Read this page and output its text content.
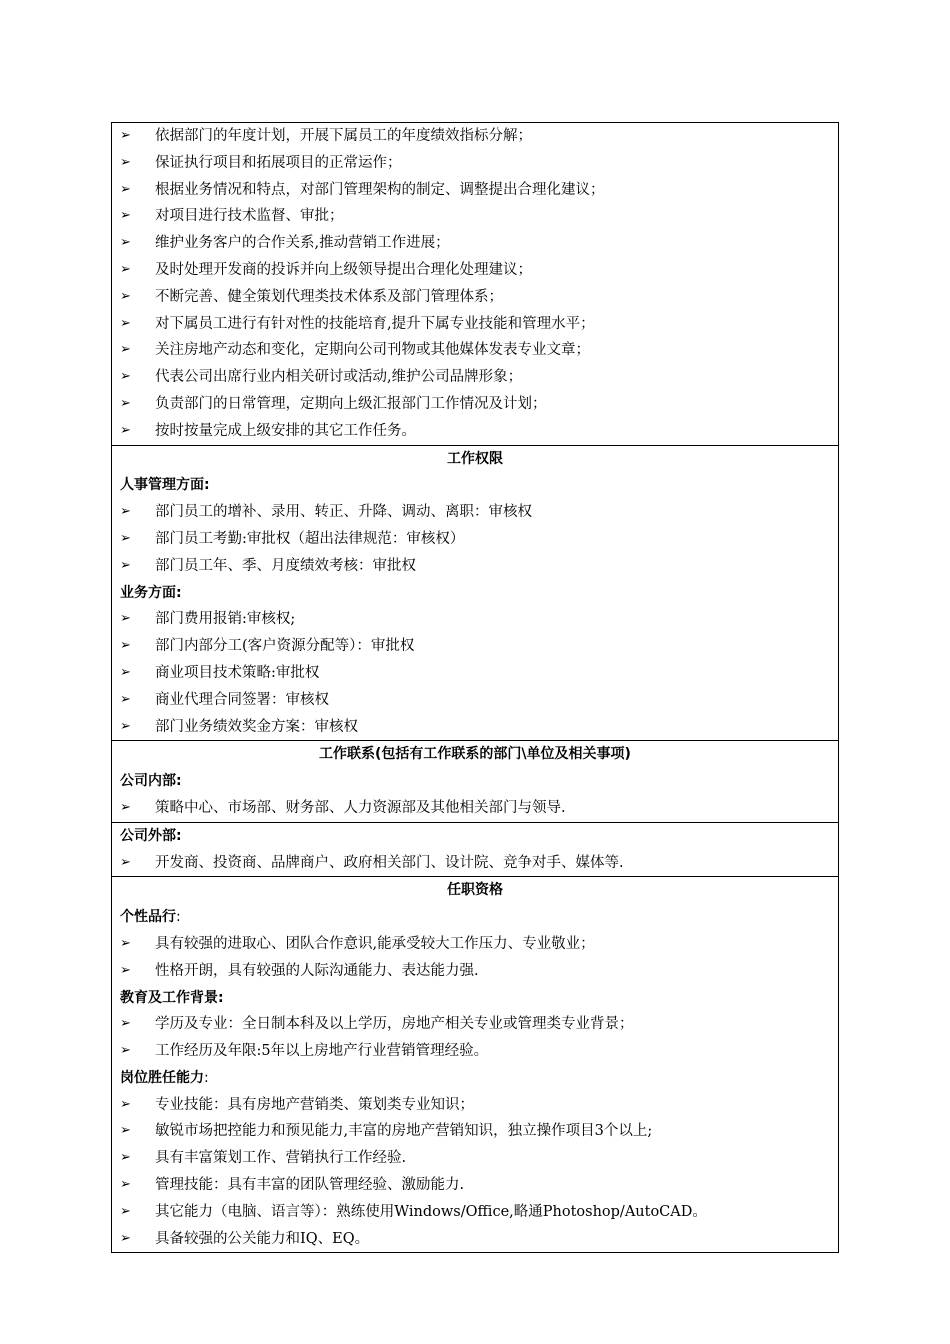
➢ 依据部门的年度计划，开展下属员工的年度绩效指标分解；
➢ 保证执行项目和拓展项目的正常运作；
➢ 根据业务情况和特点，对部门管理架构的制定、调整提出合理化建议；
➢ 对项目进行技术监督、审批；
➢ 维护业务客户的合作关系,推动营销工作进展；
➢ 及时处理开发商的投诉并向上级领导提出合理化处理建议；
➢ 不断完善、健全策划代理类技术体系及部门管理体系；
➢ 对下属员工进行有针对性的技能培育,提升下属专业技能和管理水平；
➢ 关注房地产动态和变化，定期向公司刊物或其他媒体发表专业文章；
➢ 代表公司出席行业内相关研讨或活动,维护公司品牌形象；
➢ 负责部门的日常管理，定期向上级汇报部门工作情况及计划；
➢ 按时按量完成上级安排的其它工作任务。
工作权限
人事管理方面:
➢ 部门员工的增补、录用、转正、升降、调动、离职：审核权
➢ 部门员工考勤:审批权（超出法律规范：审核权）
➢ 部门员工年、季、月度绩效考核：审批权
业务方面:
➢ 部门费用报销:审核权;
➢ 部门内部分工(客户资源分配等）：审批权
➢ 商业项目技术策略:审批权
➢ 商业代理合同签署：审核权
➢ 部门业务绩效奖金方案：审核权
工作联系(包括有工作联系的部门\单位及相关事项)
公司内部:
➢ 策略中心、市场部、财务部、人力资源部及其他相关部门与领导.
公司外部:
➢ 开发商、投资商、品牌商户、政府相关部门、设计院、竞争对手、媒体等.
任职资格
个性品行:
➢ 具有较强的进取心、团队合作意识,能承受较大工作压力、专业敬业；
➢ 性格开朗，具有较强的人际沟通能力、表达能力强.
教育及工作背景:
➢ 学历及专业：全日制本科及以上学历，房地产相关专业或管理类专业背景；
➢ 工作经历及年限:5年以上房地产行业营销管理经验。
岗位胜任能力:
➢ 专业技能：具有房地产营销类、策划类专业知识；
➢ 敏锐市场把控能力和预见能力,丰富的房地产营销知识，独立操作项目3个以上;
➢ 具有丰富策划工作、营销执行工作经验.
➢ 管理技能：具有丰富的团队管理经验、激励能力.
➢ 其它能力（电脑、语言等）：熟练使用Windows/Office,略通Photoshop/AutoCAD。
➢ 具备较强的公关能力和IQ、EQ。
